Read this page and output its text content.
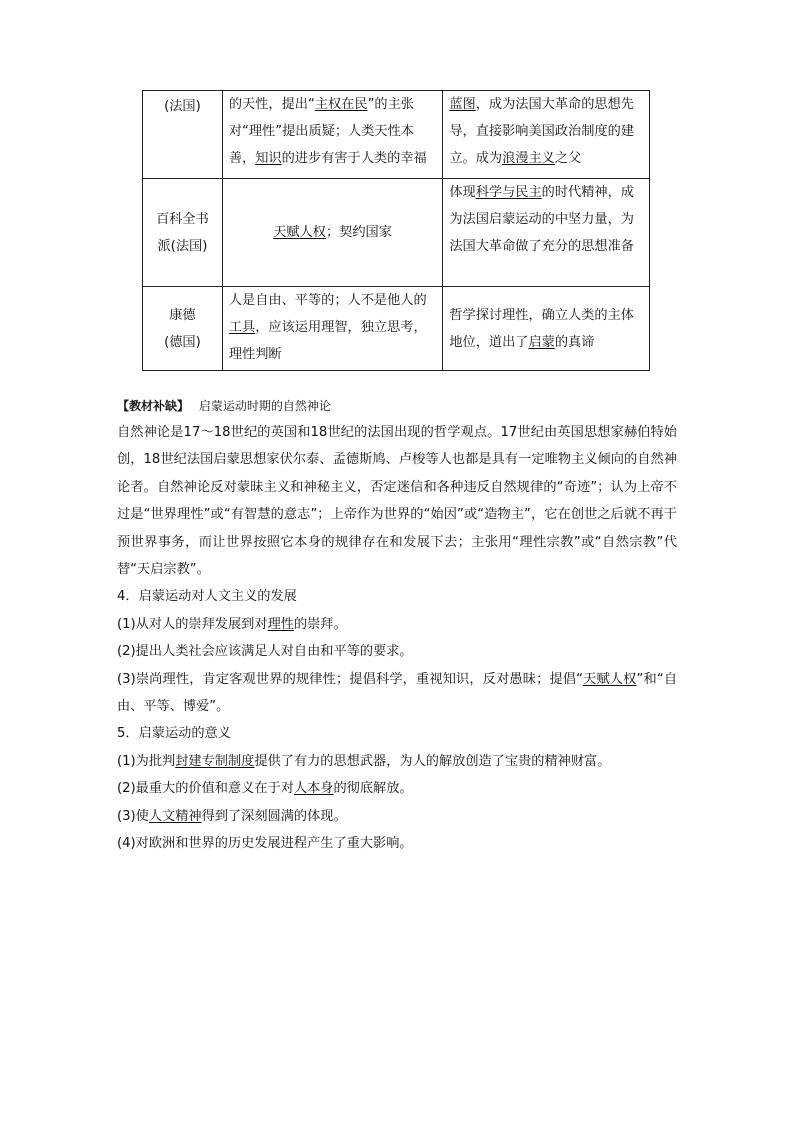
(法国)	的天性，提出“主权在民”的主张对“理性”提出质疑；人类天性本善，知识的进步有害于人类的幸福	蓝图，成为法国大革命的思想先导，直接影响美国政治制度的建立。成为浪漫主义之父
百科全书派(法国)	天赋人权；契约国家	体现科学与民主的时代精神，成为法国启蒙运动的中坚力量，为法国大革命做了充分的思想准备

康德
(德国)	人是自由、平等的；人不是他人的工具，应该运用理智，独立思考，理性判断	哲学探讨理性，确立人类的主体地位，道出了启蒙的真谛

【教材补缺】 启蒙运动时期的自然神论

自然神论是17～18世纪的英国和18世纪的法国出现的哲学观点。17世纪由英国思想家赫伯特始创，18世纪法国启蒙思想家伏尔泰、孟德斯鸠、卢梭等人也都是具有一定唯物主义倾向的自然神论者。自然神论反对蒙昧主义和神秘主义，否定迷信和各种违反自然规律的“奇迹”；认为上帝不过是“世界理性”或“有智慧的意志”；上帝作为世界的“始因”或“造物主”，它在创世之后就不再干预世界事务，而让世界按照它本身的规律存在和发展下去；主张用“理性宗教”或“自然宗教”代替“天启宗教”。

4．启蒙运动对人文主义的发展

(1)从对人的崇拜发展到对理性的崇拜。

(2)提出人类社会应该满足人对自由和平等的要求。

(3)崇尚理性，肯定客观世界的规律性；提倡科学，重视知识，反对愚昧；提倡“天赋人权”和“自由、平等、博爱”。

5．启蒙运动的意义

(1)为批判封建专制制度提供了有力的思想武器，为人的解放创造了宝贵的精神财富。

(2)最重大的价值和意义在于对人本身的彻底解放。

(3)使人文精神得到了深刻圆满的体现。

(4)对欧洲和世界的历史发展进程产生了重大影响。
